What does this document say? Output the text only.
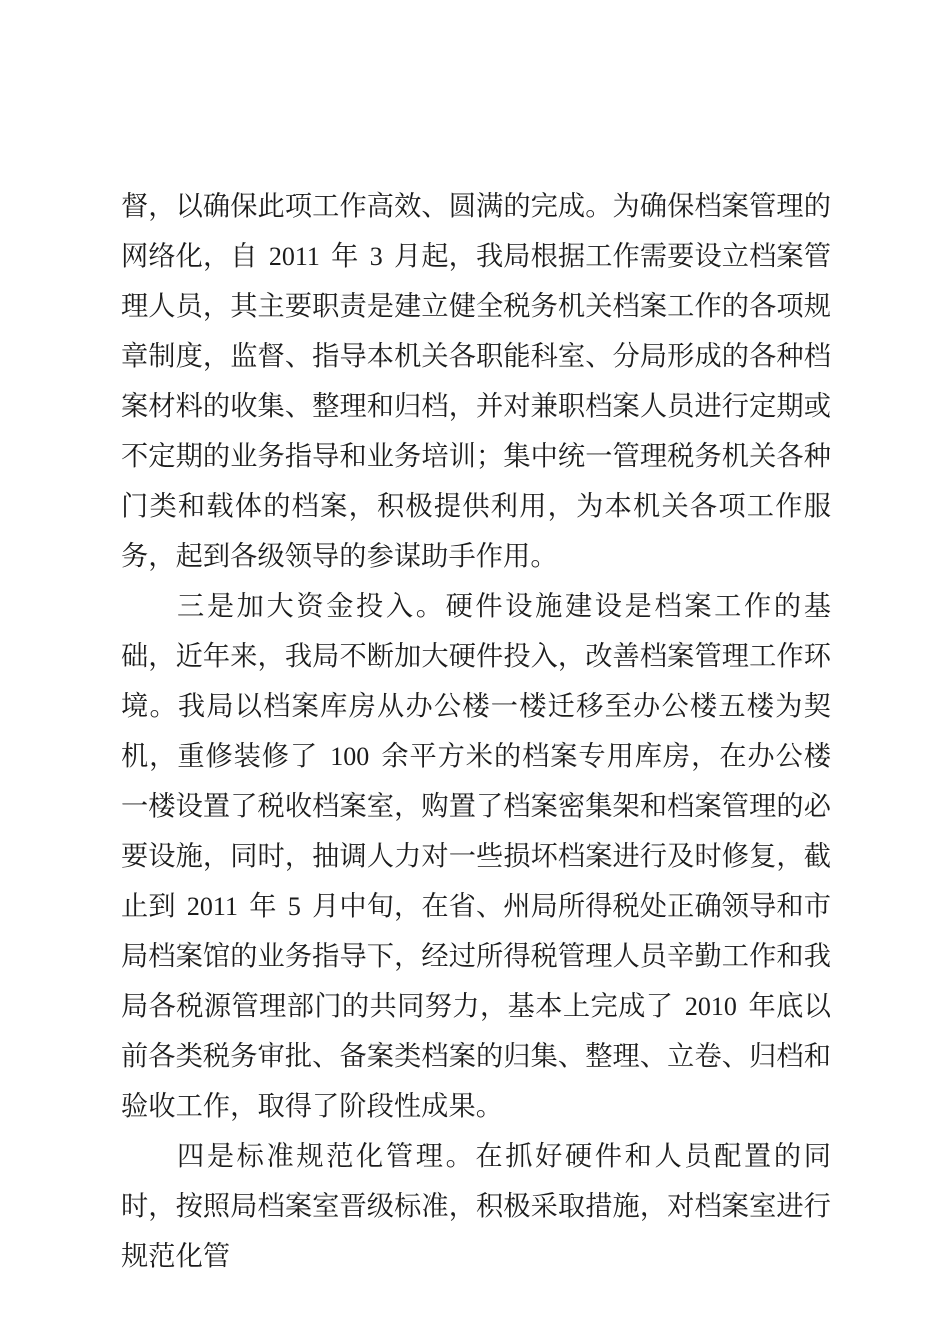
督，以确保此项工作高效、圆满的完成。为确保档案管理的网络化，自 2011 年 3 月起，我局根据工作需要设立档案管理人员，其主要职责是建立健全税务机关档案工作的各项规章制度，监督、指导本机关各职能科室、分局形成的各种档案材料的收集、整理和归档，并对兼职档案人员进行定期或不定期的业务指导和业务培训；集中统一管理税务机关各种门类和载体的档案，积极提供利用，为本机关各项工作服务，起到各级领导的参谋助手作用。

三是加大资金投入。硬件设施建设是档案工作的基础，近年来，我局不断加大硬件投入，改善档案管理工作环境。我局以档案库房从办公楼一楼迁移至办公楼五楼为契机，重修装修了 100 余平方米的档案专用库房，在办公楼一楼设置了税收档案室，购置了档案密集架和档案管理的必要设施，同时，抽调人力对一些损坏档案进行及时修复，截止到 2011 年 5 月中旬，在省、州局所得税处正确领导和市局档案馆的业务指导下，经过所得税管理人员辛勤工作和我局各税源管理部门的共同努力，基本上完成了 2010 年底以前各类税务审批、备案类档案的归集、整理、立卷、归档和验收工作，取得了阶段性成果。

四是标准规范化管理。在抓好硬件和人员配置的同时，按照局档案室晋级标准，积极采取措施，对档案室进行规范化管
